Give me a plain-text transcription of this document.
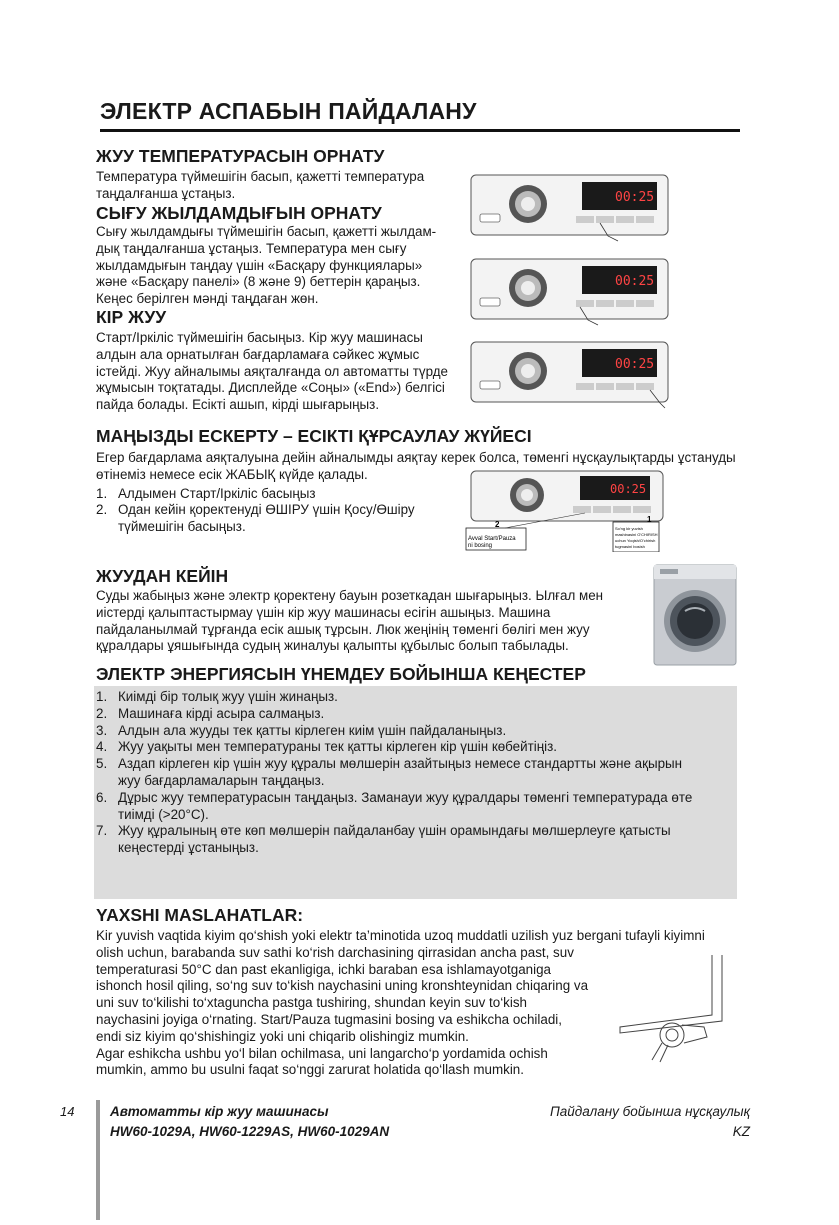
ЭЛЕКТР АСПАБЫН ПАЙДАЛАНУ
ЖУУ ТЕМПЕРАТУРАСЫН ОРНАТУ
Температура түймешігін басып, қажетті температура
таңдалғанша ұстаңыз.
СЫҒУ ЖЫЛДАМДЫҒЫН ОРНАТУ
Сығу жылдамдығы түймешігін басып, қажетті жылдам-
дық таңдалғанша ұстаңыз. Температура мен сығу
жылдамдығын таңдау үшін «Басқару функциялары»
және «Басқару панелі» (8 және 9) беттерін қараңыз.
Кеңес берілген мәнді таңдаған жөн.
КІР ЖУУ
Старт/Іркіліс түймешігін басыңыз. Кір жуу машинасы
алдын ала орнатылған бағдарламаға сәйкес жұмыс
істейді. Жуу айналымы аяқталғанда ол автоматты түрде
жұмысын тоқтатады. Дисплейде «Соңы» («End») белгісі
пайда болады. Есікті ашып, кірді шығарыңыз.
МАҢЫЗДЫ ЕСКЕРТУ – ЕСІКТІ ҚҰРСАУЛАУ ЖҮЙЕСІ
Егер бағдарлама аяқталуына дейін айналымды аяқтау керек болса, төменгі нұсқаулықтарды ұстануды
өтінеміз немесе есік ЖАБЫҚ күйде қалады.
1. Алдымен Старт/Іркіліс басыңыз
2. Одан кейін қоректенуді ӨШІРУ үшін Қосу/Өшіру
түймешігін басыңыз.
ЖУУДАН КЕЙІН
Суды жабыңыз және электр қоректену бауын розеткадан шығарыңыз. Ылғал мен
иістерді қалыптастырмау үшін кір жуу машинасы есігін ашыңыз. Машина
пайдаланылмай тұрғанда есік ашық тұрсын. Люк жеңінің төменгі бөлігі мен жуу
құралдары ұяшығында судың жиналуы қалыпты құбылыс болып табылады.
ЭЛЕКТР ЭНЕРГИЯСЫН ҮНЕМДЕУ БОЙЫНША КЕҢЕСТЕР
1. Киімді бір толық жуу үшін жинаңыз.
2. Машинаға кірді асыра салмаңыз.
3. Алдын ала жууды тек қатты кірлеген киім үшін пайдаланыңыз.
4. Жуу уақыты мен температураны тек қатты кірлеген кір үшін көбейтіңіз.
5. Аздап кірлеген кір үшін жуу құралы мөлшерін азайтыңыз немесе стандартты және ақырын
жуу бағдарламаларын таңдаңыз.
6. Дұрыс жуу температурасын таңдаңыз. Заманауи жуу құралдары төменгі температурада өте
тиімді (>20°C).
7. Жуу құралының өте көп мөлшерін пайдаланбау үшін орамындағы мөлшерлеуге қатысты
кеңестерді ұстаныңыз.
YAXSHI MASLAHATLAR:
Kir yuvish vaqtida kiyim qo‘shish yoki elektr ta’minotida uzoq muddatli uzilish yuz bergani tufayli kiyimni
olish uchun, barabanda suv sathi ko‘rish darchasining qirrasidan ancha past, suv
temperaturasi 50°C dan past ekanligiga, ichki baraban esa ishlamayotganiga
ishonch hosil qiling, so‘ng suv to‘kish naychasini uning kronshteynidan chiqaring va
uni suv to‘kilishi to‘xtaguncha pastga tushiring, shundan keyin suv to‘kish
naychasini joyiga o‘rnating. Start/Pauza tugmasini bosing va eshikcha ochiladi,
endi siz kiyim qo‘shishingiz yoki uni chiqarib olishingiz mumkin.
Agar eshikcha ushbu yo‘l bilan ochilmasa, uni langarcho‘p yordamida ochish
mumkin, ammo bu usulni faqat so‘nggi zarurat holatida qo‘llash mumkin.
00:25
00:25
00:25
00:25
2
Avval Start/Pauza
ni bosing
1
So'ng kir yuvish
mashinasini O'CHIRISH
uchun Yoqish/O'chirish
tugmasini bosish
14	Автоматты кір жуу машинасы
HW60-1029A, HW60-1229AS, HW60-1029AN
Пайдалану бойынша нұсқаулық
KZ
